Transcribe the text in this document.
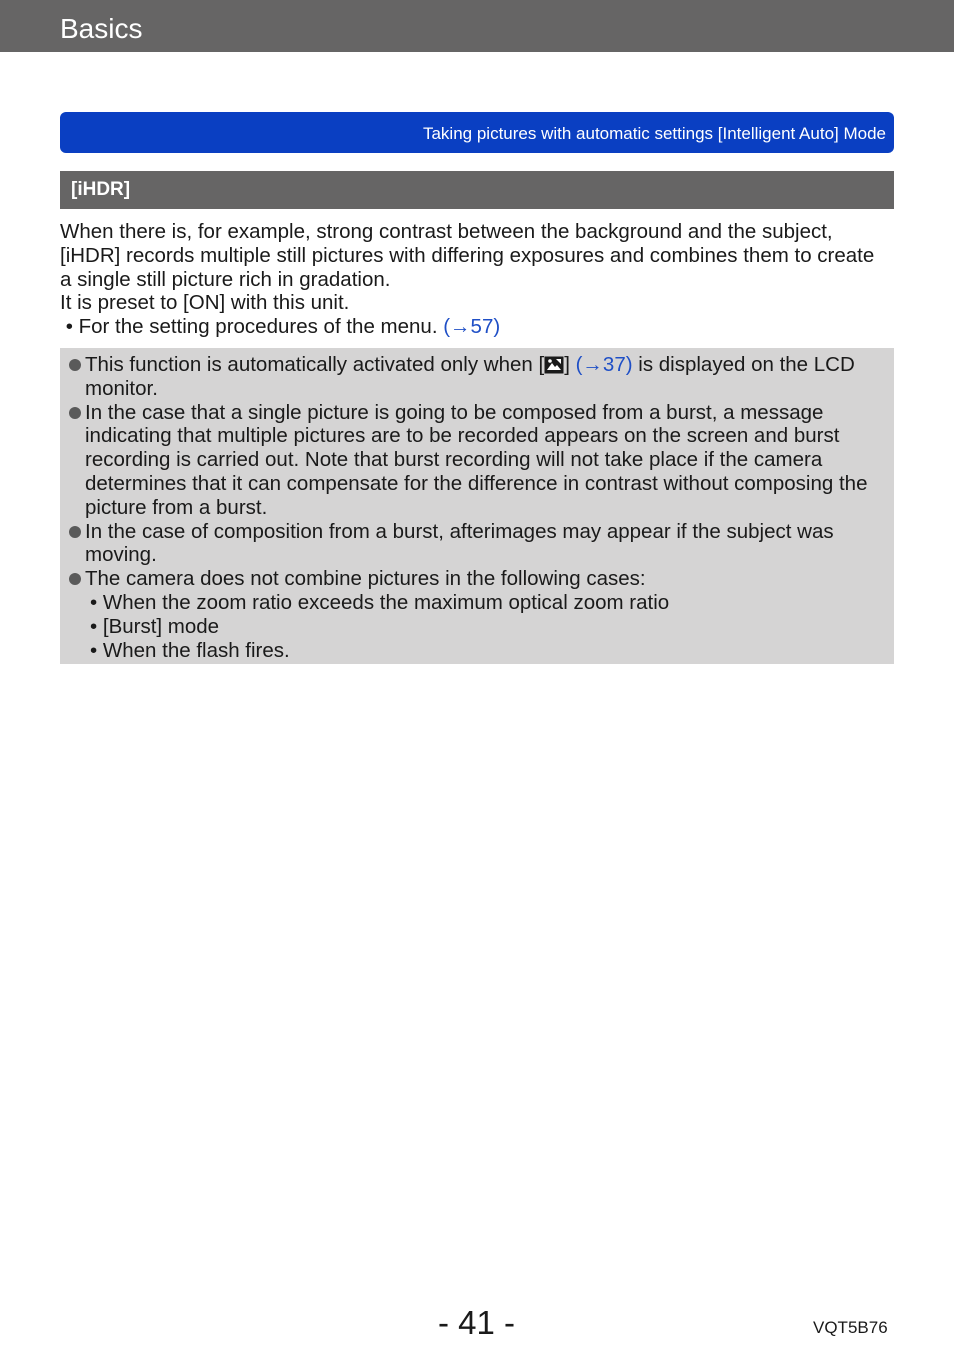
Basics
Taking pictures with automatic settings [Intelligent Auto] Mode
[iHDR]

When there is, for example, strong contrast between the background and the subject, [iHDR] records multiple still pictures with differing exposures and combines them to create a single still picture rich in gradation.

It is preset to [ON] with this unit.

• For the setting procedures of the menu. (→57)

This function is automatically activated only when [ ] (→37) is displayed on the LCD monitor.

In the case that a single picture is going to be composed from a burst, a message indicating that multiple pictures are to be recorded appears on the screen and burst recording is carried out. Note that burst recording will not take place if the camera determines that it can compensate for the difference in contrast without composing the picture from a burst.

In the case of composition from a burst, afterimages may appear if the subject was moving.

The camera does not combine pictures in the following cases:

• When the zoom ratio exceeds the maximum optical zoom ratio
• [Burst] mode
• When the flash fires.
- 41 -	VQT5B76
